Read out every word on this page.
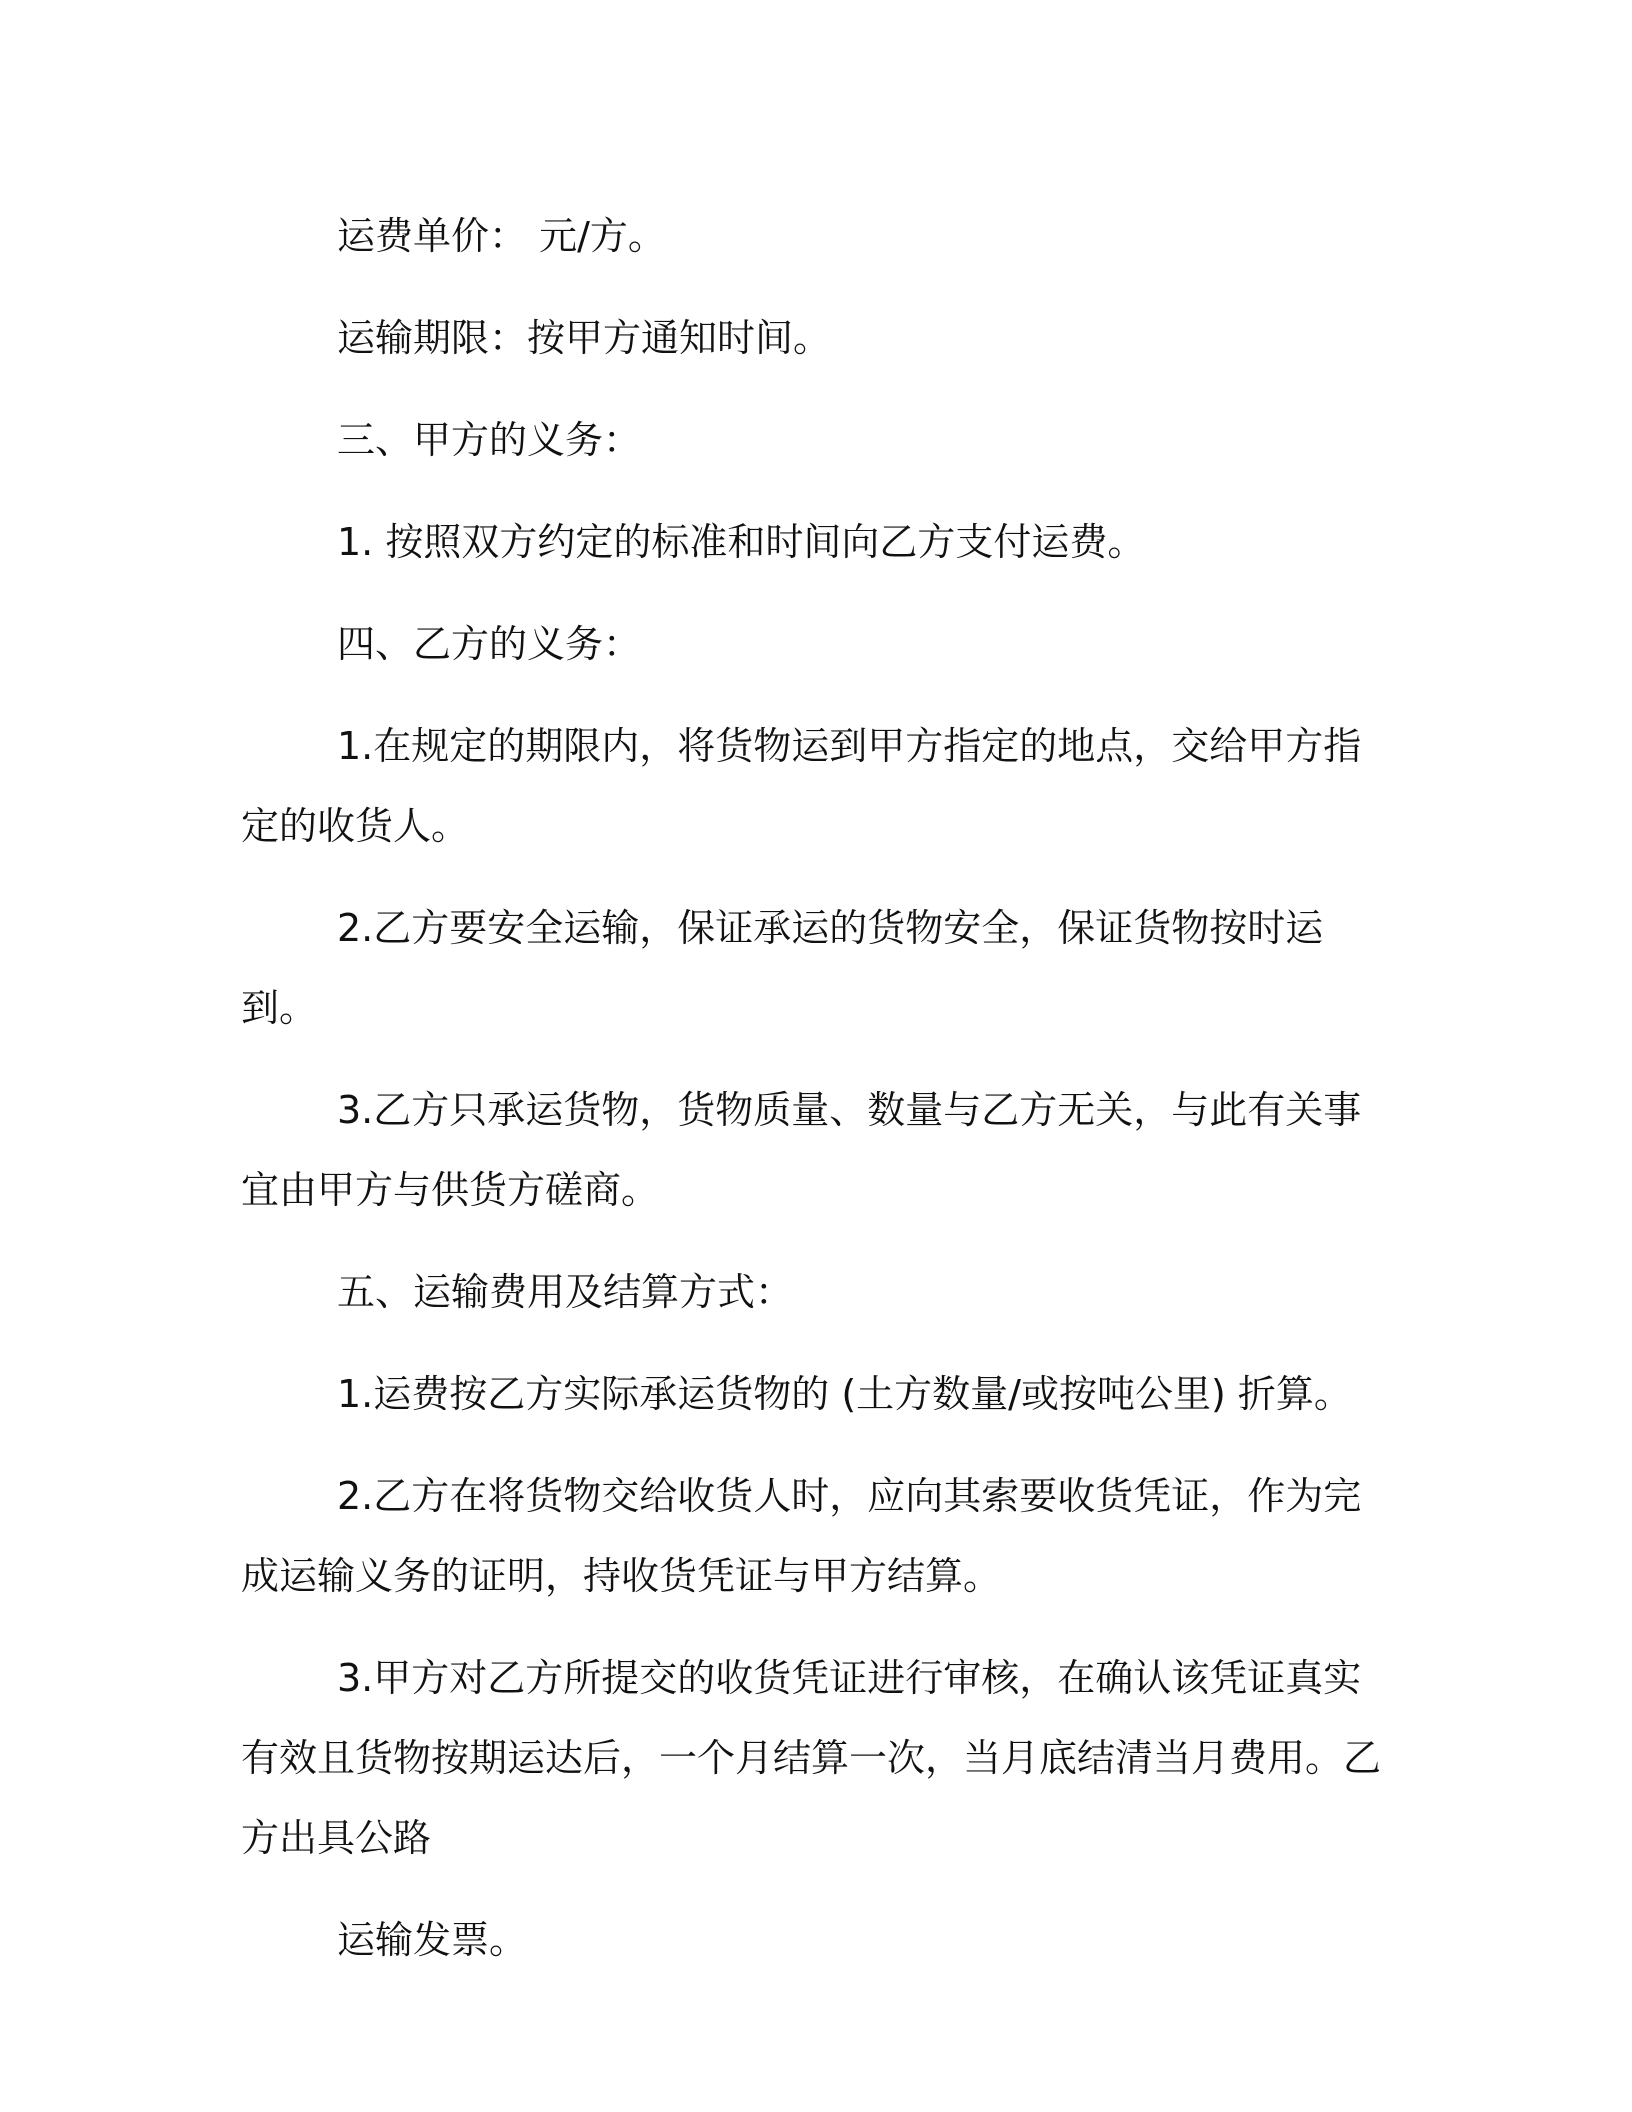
运费单价： 元/方。

运输期限：按甲方通知时间。

三、甲方的义务：

1. 按照双方约定的标准和时间向乙方支付运费。

四、乙方的义务：

1.在规定的期限内，将货物运到甲方指定的地点，交给甲方指定的收货人。

2.乙方要安全运输，保证承运的货物安全，保证货物按时运到。

3.乙方只承运货物，货物质量、数量与乙方无关，与此有关事宜由甲方与供货方磋商。

五、运输费用及结算方式：

1.运费按乙方实际承运货物的 (土方数量/或按吨公里) 折算。

2.乙方在将货物交给收货人时，应向其索要收货凭证，作为完成运输义务的证明，持收货凭证与甲方结算。

3.甲方对乙方所提交的收货凭证进行审核，在确认该凭证真实有效且货物按期运达后，一个月结算一次，当月底结清当月费用。乙方出具公路

运输发票。
